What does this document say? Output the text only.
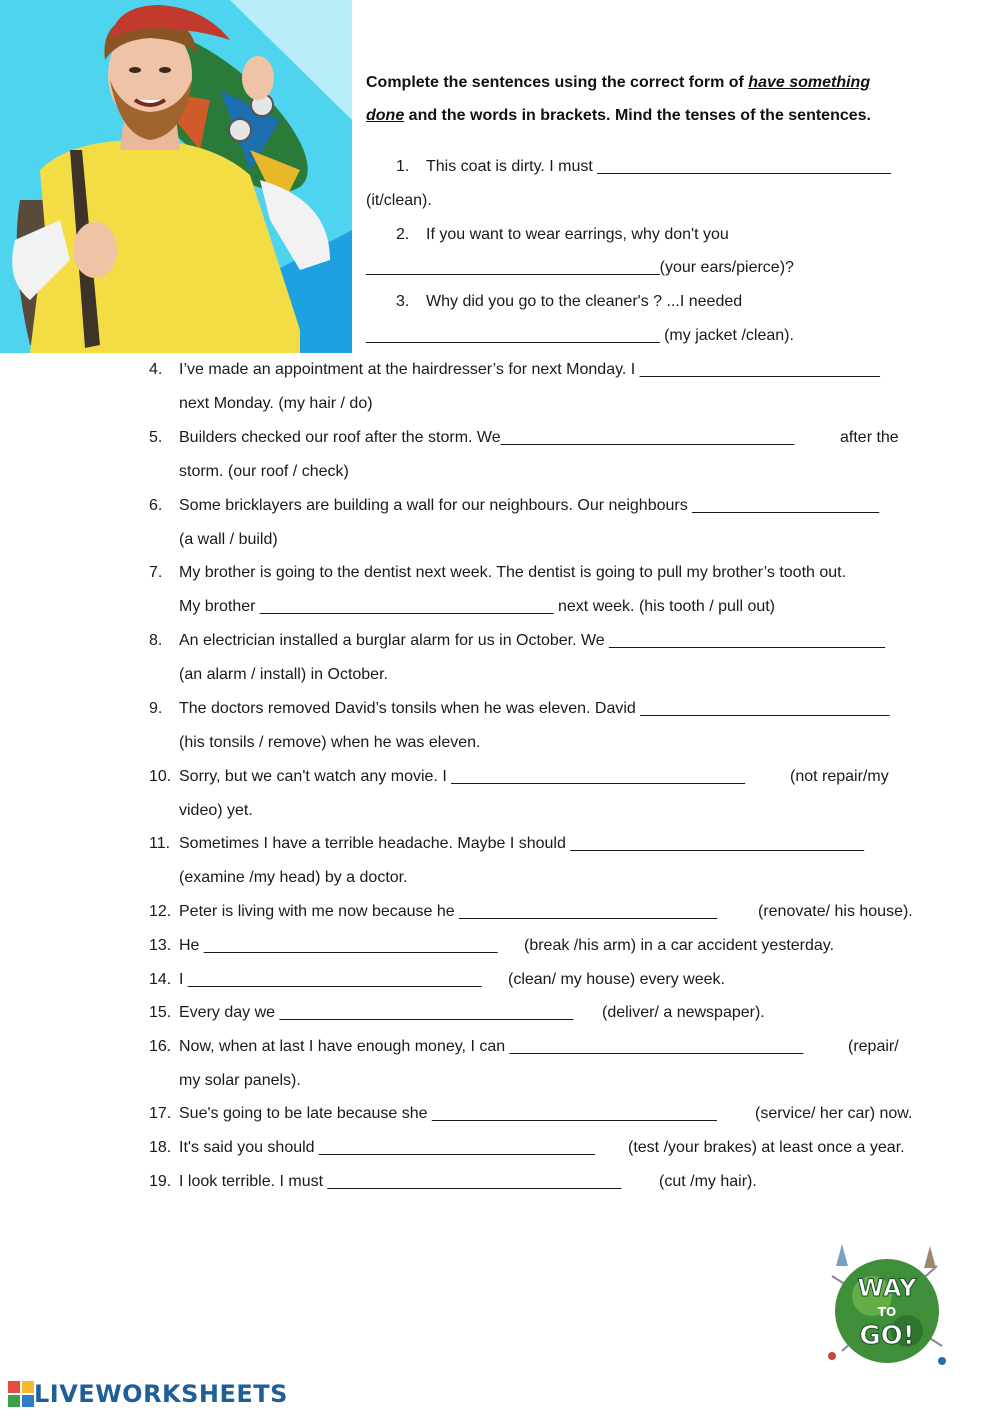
Complete the sentences using the correct form of have something
done and the words in brackets. Mind the tenses of the sentences.
1. This coat is dirty. I must _________________________________
(it/clean).
2. If you want to wear earrings, why don't you
_________________________________(your ears/pierce)?
3. Why did you go to the cleaner's ? ...I needed
_________________________________ (my jacket /clean).
4. I’ve made an appointment at the hairdresser’s for next Monday. I ___________________________
next Monday. (my hair / do)
5. Builders checked our roof after the storm. We_________________________________	after the
storm. (our roof / check)
6. Some bricklayers are building a wall for our neighbours. Our neighbours _____________________
(a wall / build)
7. My brother is going to the dentist next week. The dentist is going to pull my brother’s tooth out.
My brother _________________________________ next week. (his tooth / pull out)
8. An electrician installed a burglar alarm for us in October. We _______________________________
(an alarm / install) in October.
9. The doctors removed David’s tonsils when he was eleven. David ____________________________
(his tonsils / remove) when he was eleven.
10. Sorry, but we can't watch any movie. I _________________________________	(not repair/my
video) yet.
11. Sometimes I have a terrible headache. Maybe I should _________________________________
(examine /my head) by a doctor.
12. Peter is living with me now because he _____________________________	(renovate/ his house).
13. He _________________________________ (break /his arm) in a car accident yesterday.
14. I _________________________________ (clean/ my house) every week.
15. Every day we _________________________________ (deliver/ a newspaper).
16. Now, when at last I have enough money, I can _________________________________	(repair/
my solar panels).
17. Sue's going to be late because she ________________________________ (service/ her car) now.
18. It's said you should _______________________________ (test /your brakes) at least once a year.
19. I look terrible. I must _________________________________ (cut /my hair).
WAY
TO
GO!
LIVEWORKSHEETS
